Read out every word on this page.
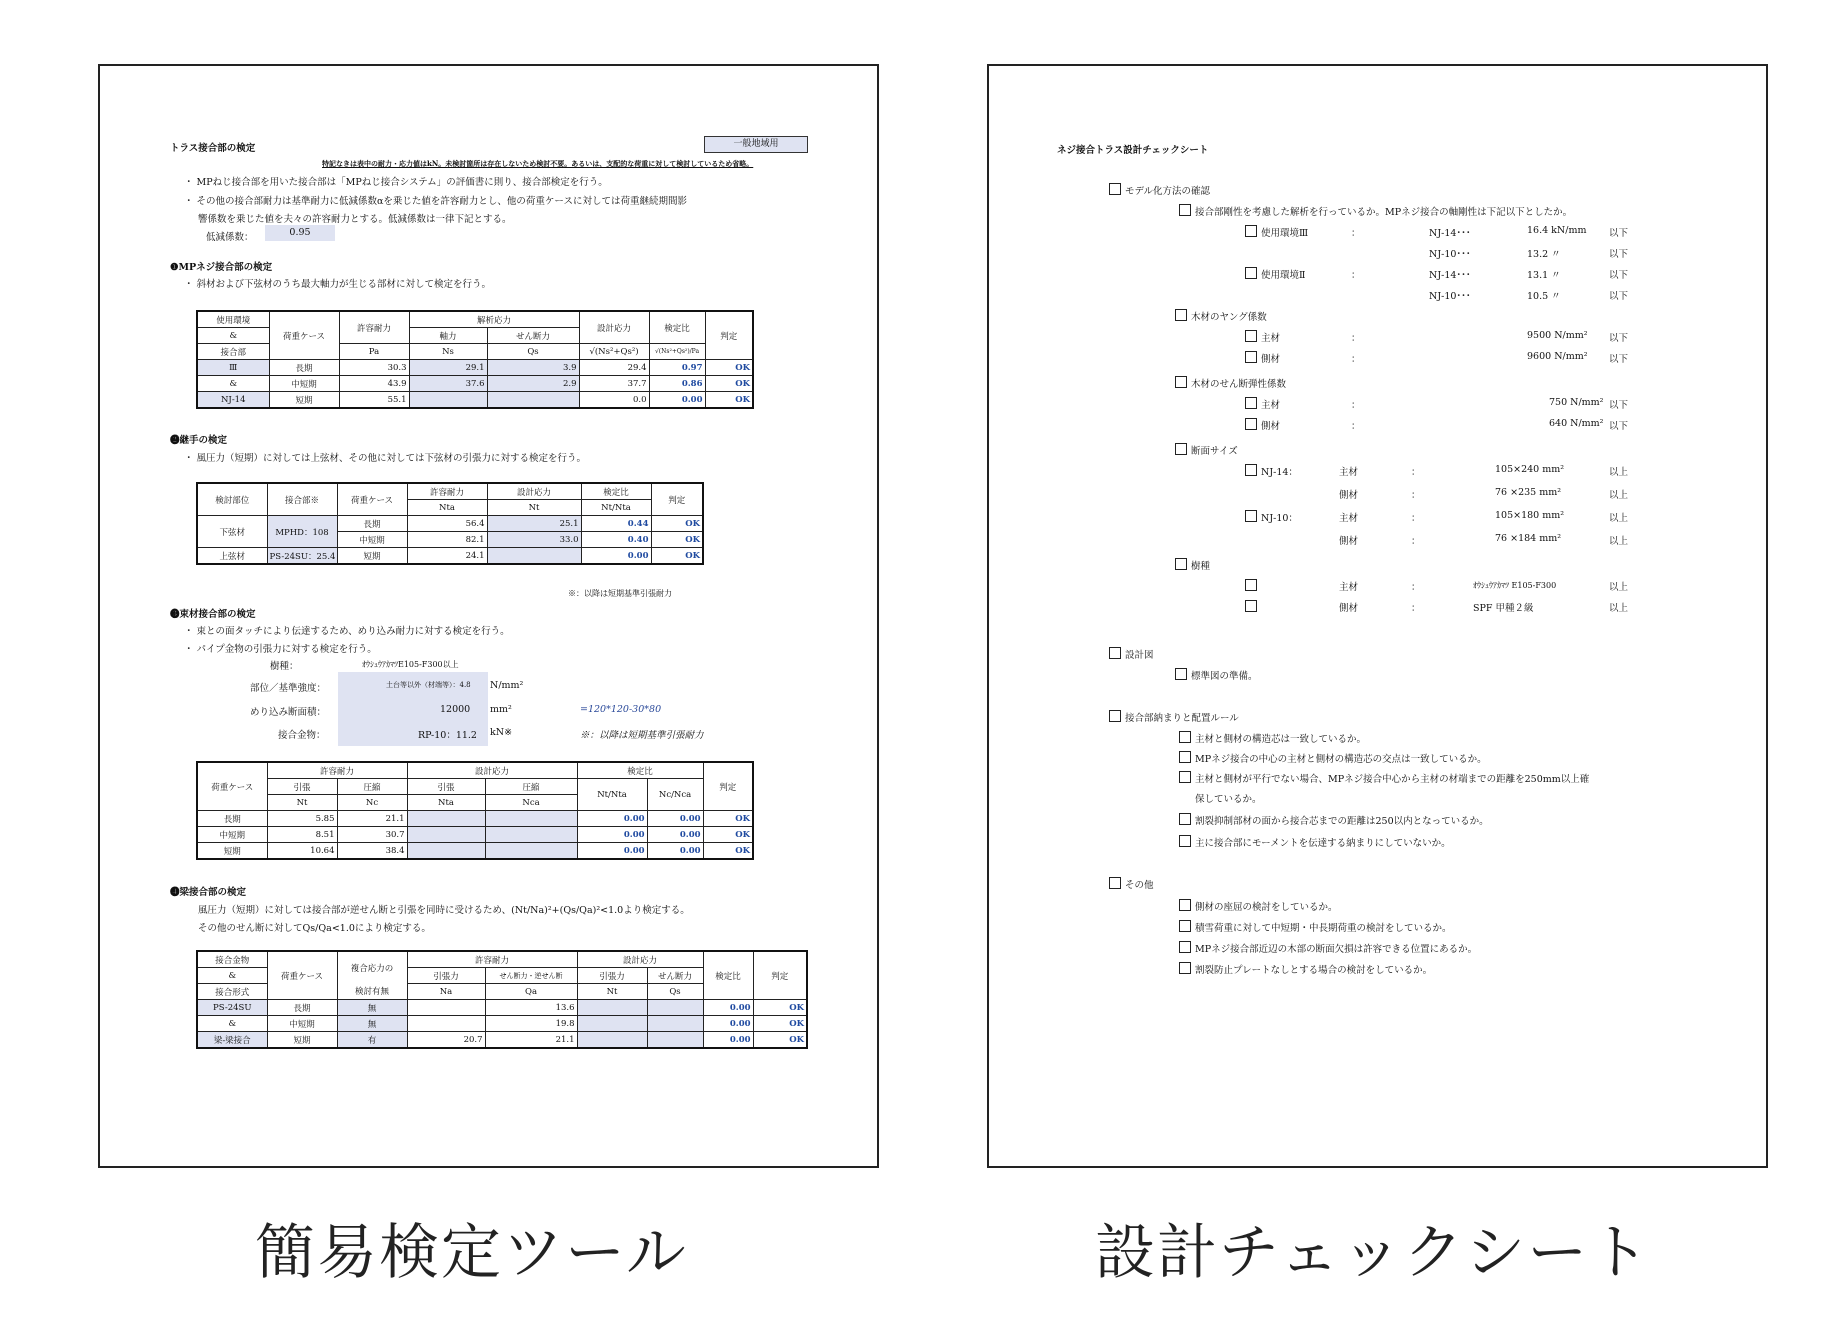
トラス接合部の検定	一般地域用
特記なきは表中の耐力・応力値はkN。未検討箇所は存在しないため検討不要。あるいは、支配的な荷重に対して検討しているため省略。
・ MPねじ接合部を用いた接合部は「MPねじ接合システム」の評価書に則り、接合部検定を行う。
・ その他の接合部耐力は基準耐力に低減係数αを乗じた値を許容耐力とし、他の荷重ケースに対しては荷重継続期間影
響係数を乗じた値を夫々の許容耐力とする。低減係数は一律下記とする。
低減係数：	0.95
❶MPネジ接合部の検定
・ 斜材および下弦材のうち最大軸力が生じる部材に対して検定を行う。
使用環境	荷重ケース	許容耐力	解析応力		設計応力	検定比	判定
&			軸力	せん断力			
接合部		Pa	Ns	Qs	√(Ns²+Qs²)	√(Ns²+Qs²)/Pa	
Ⅲ	長期	30.3	29.1	3.9	29.4	0.97	OK
&	中短期	43.9	37.6	2.9	37.7	0.86	OK
NJ-14	短期	55.1			0.0	0.00	OK
❷継手の検定
・ 風圧力（短期）に対しては上弦材、その他に対しては下弦材の引張力に対する検定を行う。
検討部位	接合部※	荷重ケース	許容耐力	設計応力	検定比	判定
			Nta	Nt	Nt/Nta	
下弦材	MPHD：108	長期	56.4	25.1	0.44	OK
		中短期	82.1	33.0	0.40	OK
上弦材	PS-24SU：25.4	短期	24.1		0.00	OK
※：以降は短期基準引張耐力
❸束材接合部の検定
・ 束との面タッチにより伝達するため、めり込み耐力に対する検定を行う。
・ パイプ金物の引張力に対する検定を行う。
樹種：	ｵｳｼｭｳｱｶﾏﾂE105-F300以上
部位／基準強度：	土台等以外（材端等）：4.8 N/mm²
めり込み断面積：	12000 mm²	=120*120-30*80
接合金物：	RP-10：11.2 kN※	※：以降は短期基準引張耐力
荷重ケース	許容耐力		設計応力		検定比		判定
	引張	圧縮	引張	圧縮	Nt/Nta	Nc/Nca	
	Nt	Nc	Nta	Nca			
長期	5.85	21.1			0.00	0.00	OK
中短期	8.51	30.7			0.00	0.00	OK
短期	10.64	38.4			0.00	0.00	OK
❹梁接合部の検定
風圧力（短期）に対しては接合部が逆せん断と引張を同時に受けるため、(Nt/Na)²+(Qs/Qa)²<1.0より検定する。
その他のせん断に対してQs/Qa<1.0により検定する。
接合金物	荷重ケース	複合応力の	許容耐力		設計応力		検定比	判定
&			引張力	せん断力・逆せん断	引張力	せん断力		
接合形式		検討有無	Na	Qa	Nt	Qs		
PS-24SU	長期	無		13.6			0.00	OK
&	中短期	無		19.8			0.00	OK
梁-梁接合	短期	有	20.7	21.1			0.00	OK
ネジ接合トラス設計チェックシート
モデル化方法の確認
接合部剛性を考慮した解析を行っているか。MPネジ接合の軸剛性は下記以下としたか。
使用環境Ⅲ	：	NJ-14･･･	16.4 kN/mm 以下
NJ-10･･･	13.2 〃	以下
使用環境Ⅱ	：	NJ-14･･･	13.1 〃	以下
NJ-10･･･	10.5 〃	以下
木材のヤング係数
主材	：	9500 N/mm² 以下
側材	：	9600 N/mm² 以下
木材のせん断弾性係数
主材	：	750 N/mm² 以下
側材	：	640 N/mm² 以下
断面サイズ
NJ-14：	主材	：	105×240 mm²	以上
側材	：	76 ×235 mm²	以上
NJ-10：	主材	：	105×180 mm²	以上
側材	：	76 ×184 mm²	以上
樹種
主材	：	ｵｳｼｭｳｱｶﾏﾂ E105-F300	以上
側材	：	SPF 甲種２級	以上
設計図
標準図の準備。
接合部納まりと配置ルール
主材と側材の構造芯は一致しているか。
MPネジ接合の中心の主材と側材の構造芯の交点は一致しているか。
主材と側材が平行でない場合、MPネジ接合中心から主材の材端までの距離を250mm以上確
保しているか。
割裂抑制部材の面から接合芯までの距離は250以内となっているか。
主に接合部にモーメントを伝達する納まりにしていないか。
その他
側材の座屈の検討をしているか。
積雪荷重に対して中短期・中長期荷重の検討をしているか。
MPネジ接合部近辺の木部の断面欠損は許容できる位置にあるか。
割裂防止プレートなしとする場合の検討をしているか。
簡易検定ツール	設計チェックシート
